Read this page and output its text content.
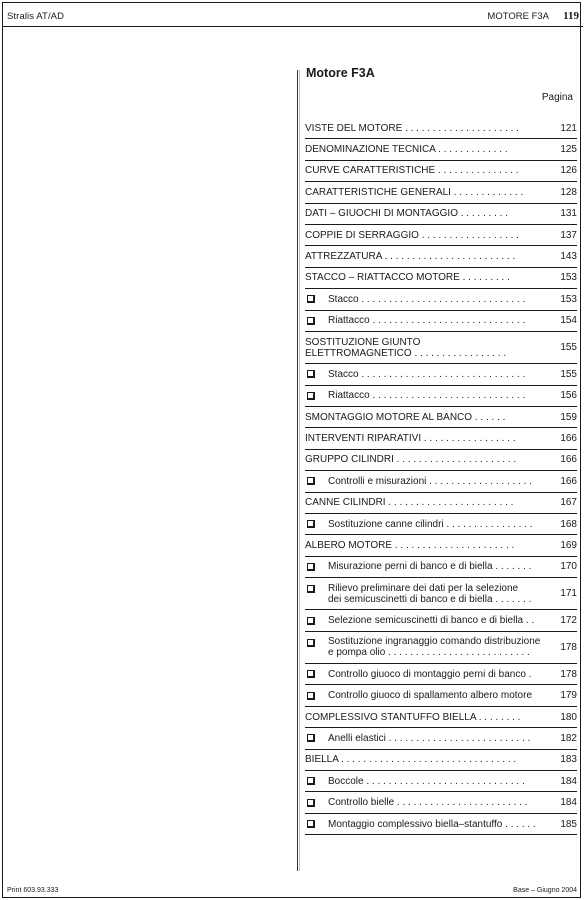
Stralis AT/AD	MOTORE F3A 119
Motore F3A
Pagina
VISTE DEL MOTORE . . . . . . . . . . . . . . . . . . . . .	121
DENOMINAZIONE TECNICA . . . . . . . . . . . . .	125
CURVE CARATTERISTICHE . . . . . . . . . . . . . . .	126
CARATTERISTICHE GENERALI . . . . . . . . . . . . .	128
DATI – GIUOCHI DI MONTAGGIO . . . . . . . . .	131
COPPIE DI SERRAGGIO . . . . . . . . . . . . . . . . . .	137
ATTREZZATURA . . . . . . . . . . . . . . . . . . . . . . . .	143
STACCO – RIATTACCO MOTORE . . . . . . . . .	153
Stacco . . . . . . . . . . . . . . . . . . . . . . . . . . . . . .	153
Riattacco . . . . . . . . . . . . . . . . . . . . . . . . . . . .	154
SOSTITUZIONE GIUNTO
ELETTROMAGNETICO . . . . . . . . . . . . . . . . .	155
Stacco . . . . . . . . . . . . . . . . . . . . . . . . . . . . . .	155
Riattacco . . . . . . . . . . . . . . . . . . . . . . . . . . . .	156
SMONTAGGIO MOTORE AL BANCO . . . . . .	159
INTERVENTI RIPARATIVI . . . . . . . . . . . . . . . . .	166
GRUPPO CILINDRI . . . . . . . . . . . . . . . . . . . . . .	166
Controlli e misurazioni . . . . . . . . . . . . . . . . . . .	166
CANNE CILINDRI . . . . . . . . . . . . . . . . . . . . . . .	167
Sostituzione canne cilindri . . . . . . . . . . . . . . . .	168
ALBERO MOTORE . . . . . . . . . . . . . . . . . . . . . .	169
Misurazione perni di banco e di biella . . . . . . .	170
Rilievo preliminare dei dati per la selezione
dei semicuscinetti di banco e di biella . . . . . . .	171
Selezione semicuscinetti di banco e di biella . .	172
Sostituzione ingranaggio comando distribuzione
e pompa olio . . . . . . . . . . . . . . . . . . . . . . . . . .	178
Controllo giuoco di montaggio perni di banco .	178
Controllo giuoco di spallamento albero motore	179
COMPLESSIVO STANTUFFO BIELLA . . . . . . . .	180
Anelli elastici . . . . . . . . . . . . . . . . . . . . . . . . . .	182
BIELLA . . . . . . . . . . . . . . . . . . . . . . . . . . . . . . . .	183
Boccole . . . . . . . . . . . . . . . . . . . . . . . . . . . . .	184
Controllo bielle . . . . . . . . . . . . . . . . . . . . . . . .	184
Montaggio complessivo biella–stantuffo . . . . . .	185
Print 603.93.333	Base – Giugno 2004
